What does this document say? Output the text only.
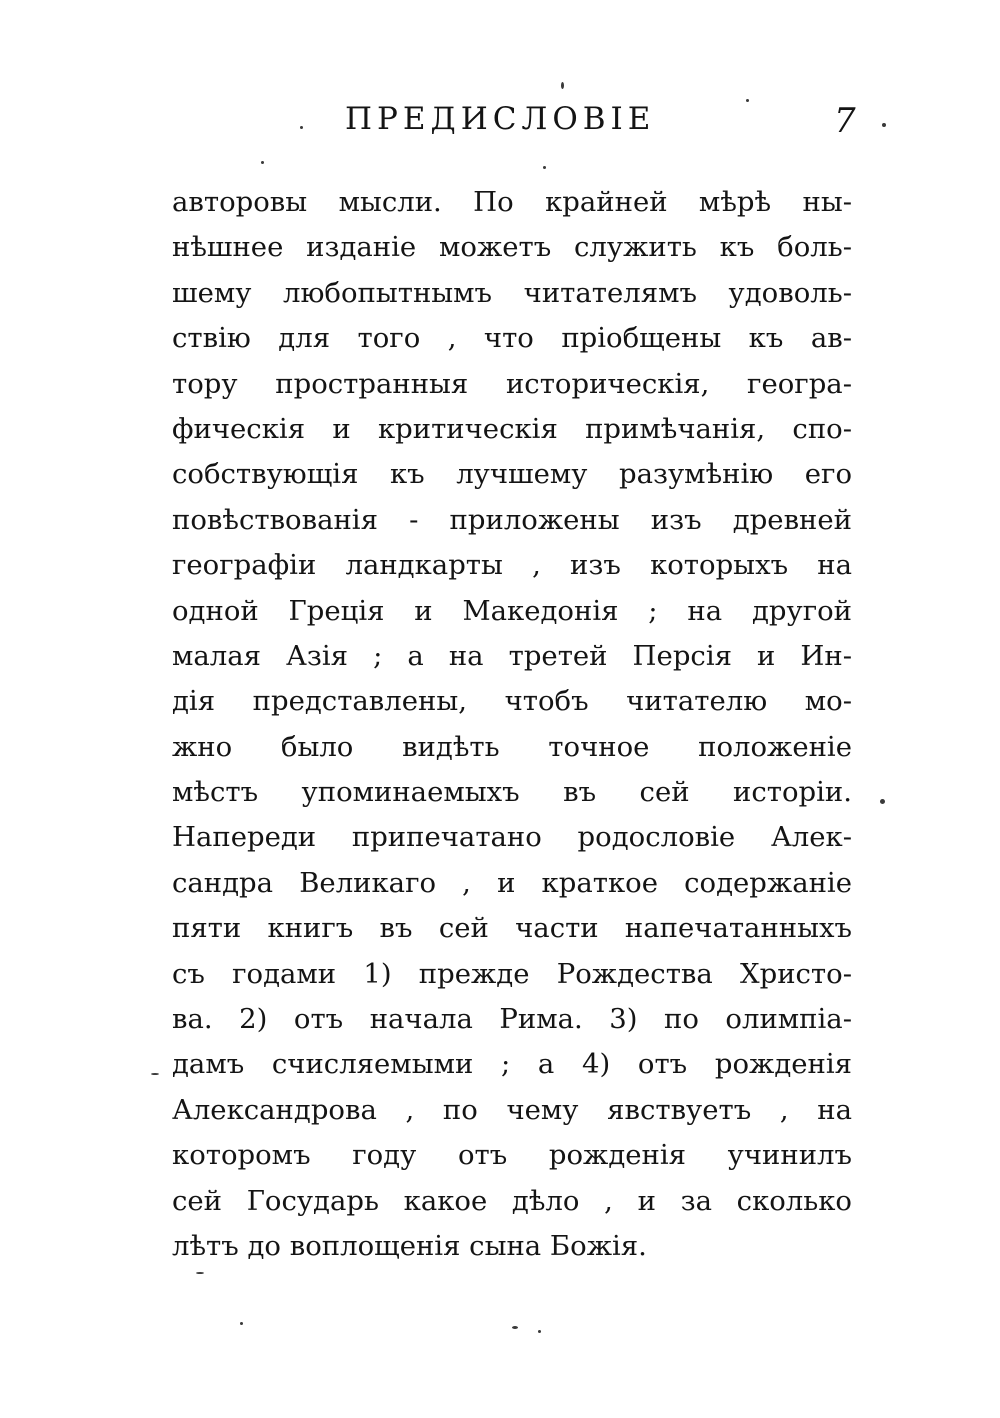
ПРЕДИСЛОВIЕ	7
авторовы мысли. По крайней мѣрѣ ны-
нѣшнее изданiе можетъ служить къ боль-
шему любопытнымъ читателямъ удоволь-
ствiю для того , что прiобщены къ ав-
тору пространныя историческiя, геогра-
фическiя и критическiя примѣчанiя, спо-
собствующiя къ лучшему разумѣнiю его
повѣствованiя - приложены изъ древней
географiи ландкарты , изъ которыхъ на
одной Грецiя и Македонiя ; на другой
малая Азiя ; а на третей Персiя и Ин-
дiя представлены, чтобъ читателю мо-
жно было видѣть точное положенiе
мѣстъ упоминаемыхъ въ сей исторiи.
Напереди припечатано родословiе Алек-
сандра Великаго , и краткое содержанiе
пяти книгъ въ сей части напечатанныхъ
съ годами 1) прежде Рождества Христо-
ва. 2) отъ начала Рима. 3) по олимпiа-
дамъ счисляемыми ; а 4) отъ рожденiя
Александрова , по чему явствуетъ , на
которомъ году отъ рожденiя учинилъ
сей Государь какое дѣло , и за сколько
лѣтъ до воплощенiя сына Божiя.
